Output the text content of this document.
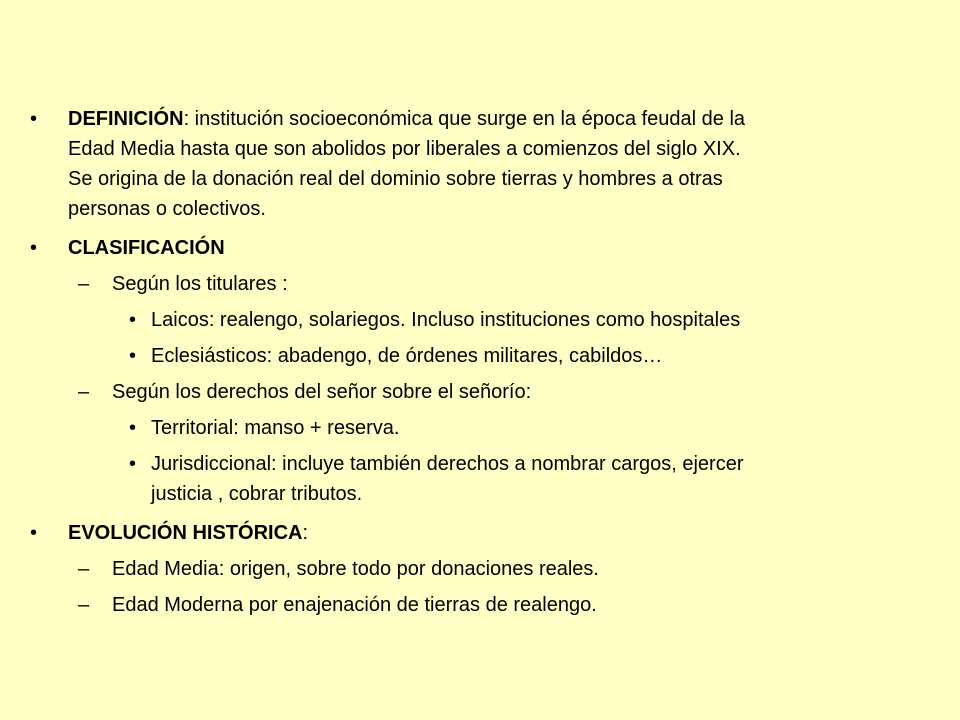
•	DEFINICIÓN: institución socioeconómica que surge en la época feudal de la
Edad Media hasta que son abolidos por liberales a comienzos del siglo XIX.
Se origina de la donación real del dominio sobre tierras y hombres a otras
personas o colectivos.
•	CLASIFICACIÓN
–	Según los titulares :
• Laicos: realengo, solariegos. Incluso instituciones como hospitales
• Eclesiásticos: abadengo, de órdenes militares, cabildos…
–	Según los derechos del señor sobre el señorío:
• Territorial: manso + reserva.
• Jurisdiccional: incluye también derechos a nombrar cargos, ejercer
justicia , cobrar tributos.
•	EVOLUCIÓN HISTÓRICA:
–	Edad Media: origen, sobre todo por donaciones reales.
–	Edad Moderna por enajenación de tierras de realengo.
